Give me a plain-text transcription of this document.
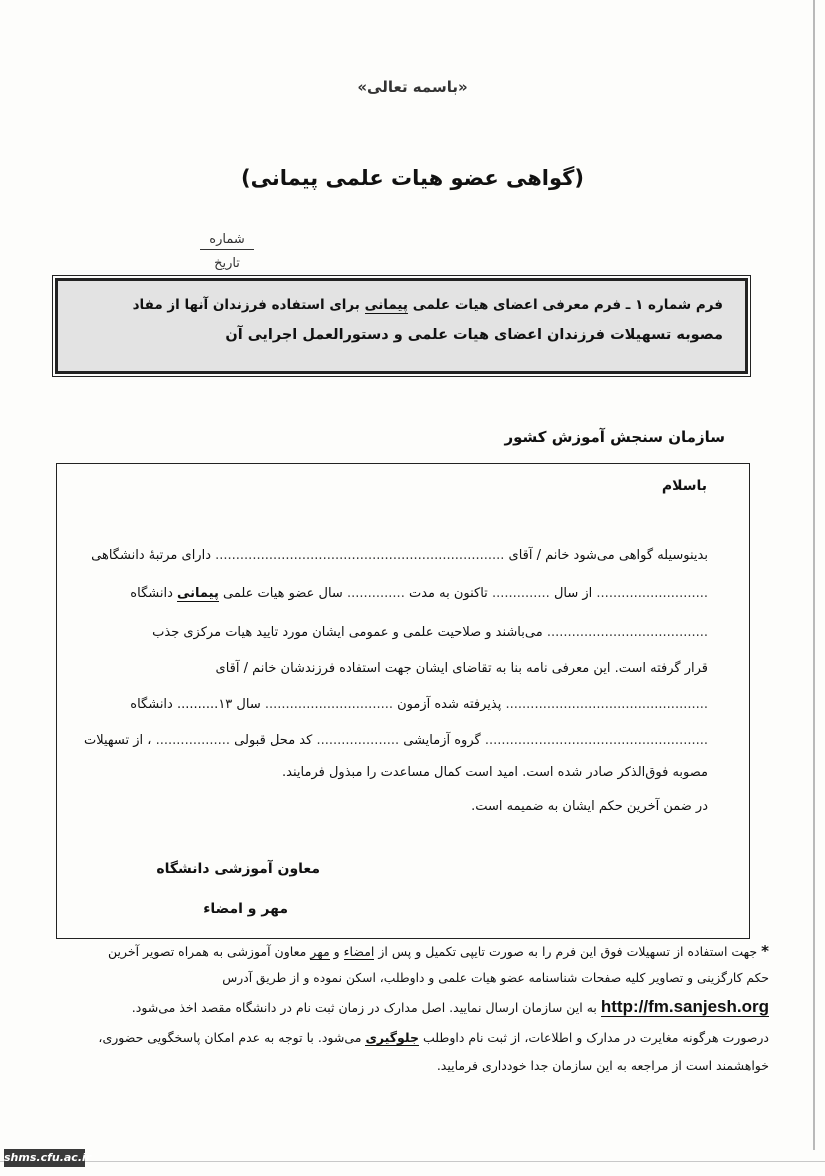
«باسمه تعالی»
(گواهی عضو هیات علمی پیمانی)
شماره
تاریخ
فرم شماره ۱ ـ فرم معرفی اعضای هیات علمی پیمانی برای استفاده فرزندان آنها از مفاد
مصوبه تسهیلات فرزندان اعضای هیات علمی و دستورالعمل اجرایی آن
سازمان سنجش آموزش کشور
باسلام
بدینوسیله گواهی می‌شود خانم / آقای ...................................................................... دارای مرتبهٔ دانشگاهی
........................... از سال .............. تاکنون به مدت .............. سال عضو هیات علمی پیمانی دانشگاه
....................................... می‌باشند و صلاحیت علمی و عمومی ایشان مورد تایید هیات مرکزی جذب
قرار گرفته است. این معرفی نامه بنا به تقاضای ایشان جهت استفاده فرزندشان خانم / آقای
................................................. پذیرفته شده آزمون ............................... سال ۱۳.......... دانشگاه
...................................................... گروه آزمایشی .................... کد محل قبولی .................. ، از تسهیلات
مصوبه فوق‌الذکر صادر شده است. امید است کمال مساعدت را مبذول فرمایند.
در ضمن آخرین حکم ایشان به ضمیمه است.
معاون آموزشی دانشگاه
مهر و امضاء
* جهت استفاده از تسهیلات فوق این فرم را به صورت تایپی تکمیل و پس از امضاء و مهر معاون آموزشی به همراه تصویر آخرین
حکم کارگزینی و تصاویر کلیه صفحات شناسنامه عضو هیات علمی و داوطلب، اسکن نموده و از طریق آدرس
http://fm.sanjesh.org به این سازمان ارسال نمایید. اصل مدارک در زمان ثبت نام در دانشگاه مقصد اخذ می‌شود.
درصورت هرگونه مغایرت در مدارک و اطلاعات، از ثبت نام داوطلب جلوگیری می‌شود. با توجه به عدم امکان پاسخگویی حضوری،
خواهشمند است از مراجعه به این سازمان جدا خودداری فرمایید.
shms.cfu.ac.ir
